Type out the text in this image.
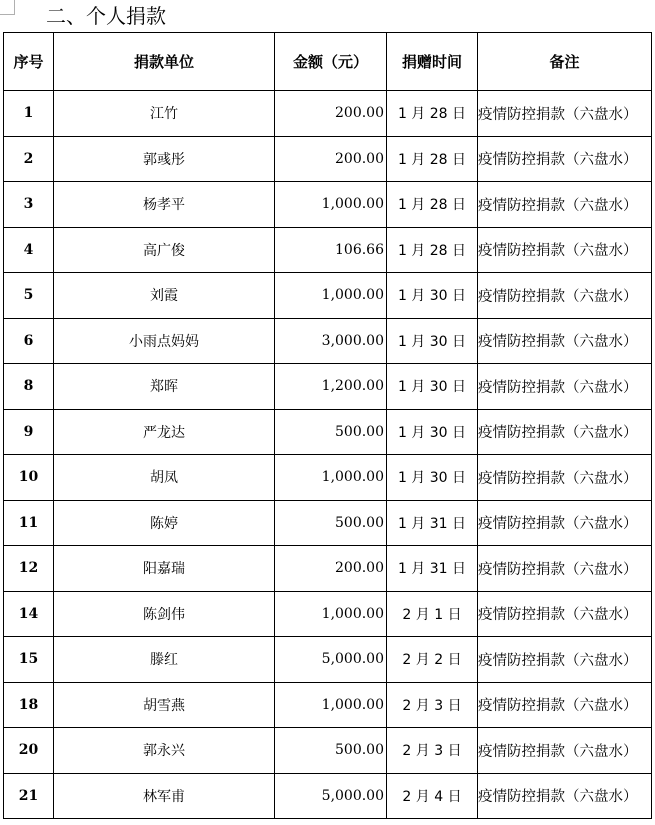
二、个人捐款
序号	捐款单位	金额（元）	捐赠时间	备注
1	江竹	200.00	1 月 28 日	疫情防控捐款（六盘水）
2	郭彧彤	200.00	1 月 28 日	疫情防控捐款（六盘水）
3	杨孝平	1,000.00	1 月 28 日	疫情防控捐款（六盘水）
4	高广俊	106.66	1 月 28 日	疫情防控捐款（六盘水）
5	刘霞	1,000.00	1 月 30 日	疫情防控捐款（六盘水）
6	小雨点妈妈	3,000.00	1 月 30 日	疫情防控捐款（六盘水）
8	郑晖	1,200.00	1 月 30 日	疫情防控捐款（六盘水）
9	严龙达	500.00	1 月 30 日	疫情防控捐款（六盘水）
10	胡凤	1,000.00	1 月 30 日	疫情防控捐款（六盘水）
11	陈婷	500.00	1 月 31 日	疫情防控捐款（六盘水）
12	阳嘉瑞	200.00	1 月 31 日	疫情防控捐款（六盘水）
14	陈剑伟	1,000.00	2 月 1 日	疫情防控捐款（六盘水）
15	滕红	5,000.00	2 月 2 日	疫情防控捐款（六盘水）
18	胡雪燕	1,000.00	2 月 3 日	疫情防控捐款（六盘水）
20	郭永兴	500.00	2 月 3 日	疫情防控捐款（六盘水）
21	林军甫	5,000.00	2 月 4 日	疫情防控捐款（六盘水）
